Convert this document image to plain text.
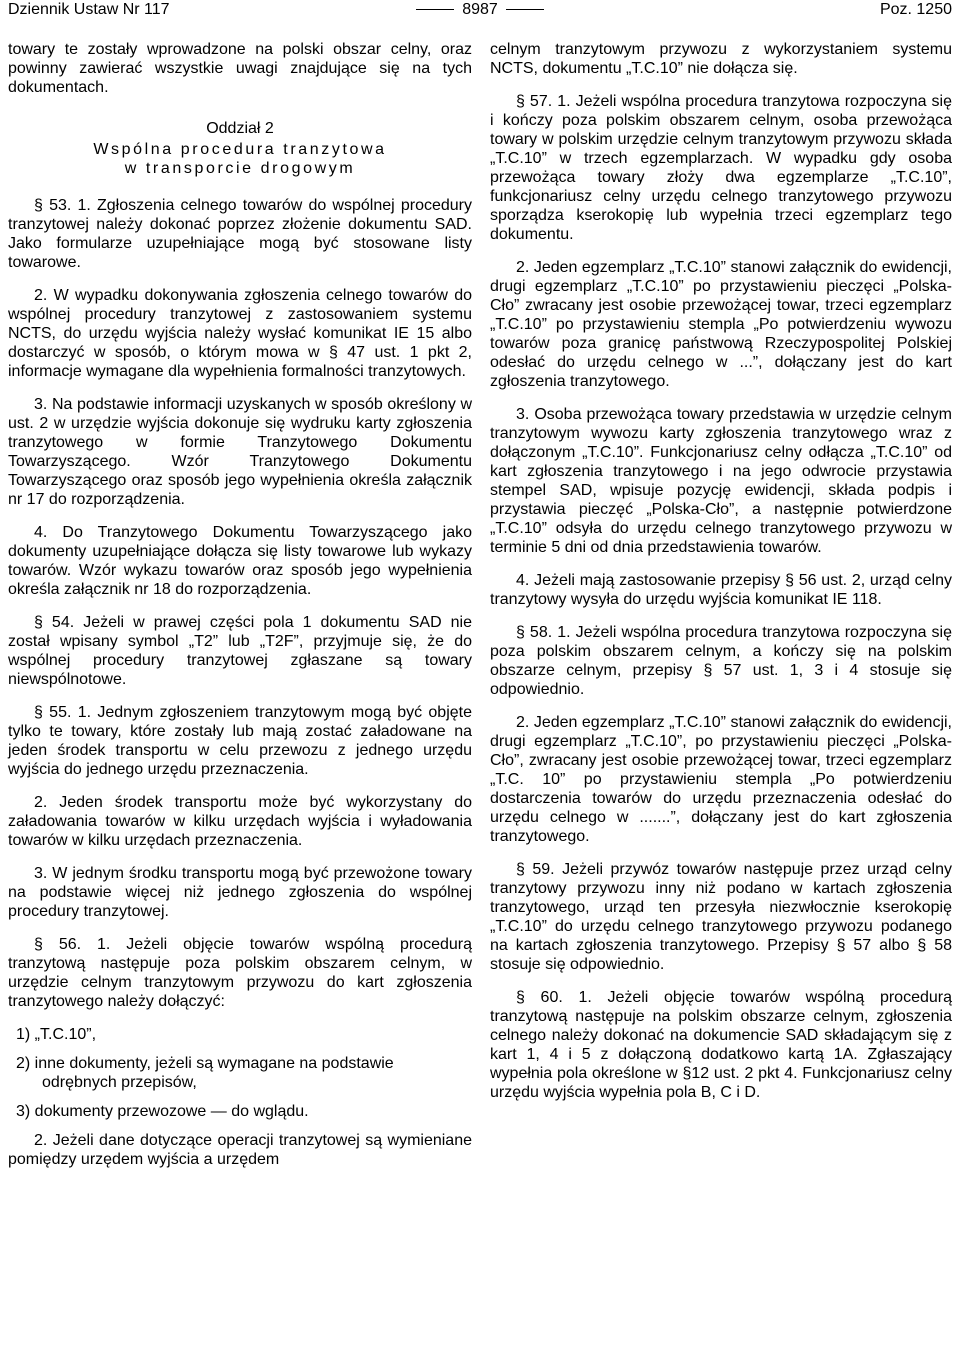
Dziennik Ustaw Nr 117	8987	Poz. 1250

towary te zostały wprowadzone na polski obszar celny, oraz powinny zawierać wszystkie uwagi znajdujące się na tych dokumentach.

Oddział 2

Wspólna procedura tranzytowa
w transporcie drogowym

§ 53. 1. Zgłoszenia celnego towarów do wspólnej procedury tranzytowej należy dokonać poprzez złożenie dokumentu SAD. Jako formularze uzupełniające mogą być stosowane listy towarowe.

2. W wypadku dokonywania zgłoszenia celnego towarów do wspólnej procedury tranzytowej z zastosowaniem systemu NCTS, do urzędu wyjścia należy wysłać komunikat IE 15 albo dostarczyć w sposób, o którym mowa w § 47 ust. 1 pkt 2, informacje wymagane dla wypełnienia formalności tranzytowych.

3. Na podstawie informacji uzyskanych w sposób określony w ust. 2 w urzędzie wyjścia dokonuje się wydruku karty zgłoszenia tranzytowego w formie Tranzytowego Dokumentu Towarzyszącego. Wzór Tranzytowego Dokumentu Towarzyszącego oraz sposób jego wypełnienia określa załącznik nr 17 do rozporządzenia.

4. Do Tranzytowego Dokumentu Towarzyszącego jako dokumenty uzupełniające dołącza się listy towarowe lub wykazy towarów. Wzór wykazu towarów oraz sposób jego wypełnienia określa załącznik nr 18 do rozporządzenia.

§ 54. Jeżeli w prawej części pola 1 dokumentu SAD nie został wpisany symbol „T2” lub „T2F”, przyjmuje się, że do wspólnej procedury tranzytowej zgłaszane są towary niewspólnotowe.

§ 55. 1. Jednym zgłoszeniem tranzytowym mogą być objęte tylko te towary, które zostały lub mają zostać załadowane na jeden środek transportu w celu przewozu z jednego urzędu wyjścia do jednego urzędu przeznaczenia.

2. Jeden środek transportu może być wykorzystany do załadowania towarów w kilku urzędach wyjścia i wyładowania towarów w kilku urzędach przeznaczenia.

3. W jednym środku transportu mogą być przewożone towary na podstawie więcej niż jednego zgłoszenia do wspólnej procedury tranzytowej.

§ 56. 1. Jeżeli objęcie towarów wspólną procedurą tranzytową następuje poza polskim obszarem celnym, w urzędzie celnym tranzytowym przywozu do kart zgłoszenia tranzytowego należy dołączyć:

1) „T.C.10”,

2) inne dokumenty, jeżeli są wymagane na podstawie odrębnych przepisów,

3) dokumenty przewozowe — do wglądu.

2. Jeżeli dane dotyczące operacji tranzytowej są wymieniane pomiędzy urzędem wyjścia a urzędem

celnym tranzytowym przywozu z wykorzystaniem systemu NCTS, dokumentu „T.C.10” nie dołącza się.

§ 57. 1. Jeżeli wspólna procedura tranzytowa rozpoczyna się i kończy poza polskim obszarem celnym, osoba przewożąca towary w polskim urzędzie celnym tranzytowym przywozu składa „T.C.10” w trzech egzemplarzach. W wypadku gdy osoba przewożąca towary złoży dwa egzemplarze „T.C.10”, funkcjonariusz celny urzędu celnego tranzytowego przywozu sporządza kserokopię lub wypełnia trzeci egzemplarz tego dokumentu.

2. Jeden egzemplarz „T.C.10” stanowi załącznik do ewidencji, drugi egzemplarz „T.C.10” po przystawieniu pieczęci „Polska-Cło” zwracany jest osobie przewożącej towar, trzeci egzemplarz „T.C.10” po przystawieniu stempla „Po potwierdzeniu wywozu towarów poza granicę państwową Rzeczypospolitej Polskiej odesłać do urzędu celnego w ...”, dołączany jest do kart zgłoszenia tranzytowego.

3. Osoba przewożąca towary przedstawia w urzędzie celnym tranzytowym wywozu karty zgłoszenia tranzytowego wraz z dołączonym „T.C.10”. Funkcjonariusz celny odłącza „T.C.10” od kart zgłoszenia tranzytowego i na jego odwrocie przystawia stempel SAD, wpisuje pozycję ewidencji, składa podpis i przystawia pieczęć „Polska-Cło”, a następnie potwierdzone „T.C.10” odsyła do urzędu celnego tranzytowego przywozu w terminie 5 dni od dnia przedstawienia towarów.

4. Jeżeli mają zastosowanie przepisy § 56 ust. 2, urząd celny tranzytowy wysyła do urzędu wyjścia komunikat IE 118.

§ 58. 1. Jeżeli wspólna procedura tranzytowa rozpoczyna się poza polskim obszarem celnym, a kończy się na polskim obszarze celnym, przepisy § 57 ust. 1, 3 i 4 stosuje się odpowiednio.

2. Jeden egzemplarz „T.C.10” stanowi załącznik do ewidencji, drugi egzemplarz „T.C.10”, po przystawieniu pieczęci „Polska-Cło”, zwracany jest osobie przewożącej towar, trzeci egzemplarz „T.C. 10” po przystawieniu stempla „Po potwierdzeniu dostarczenia towarów do urzędu przeznaczenia odesłać do urzędu celnego w .......”, dołączany jest do kart zgłoszenia tranzytowego.

§ 59. Jeżeli przywóz towarów następuje przez urząd celny tranzytowy przywozu inny niż podano w kartach zgłoszenia tranzytowego, urząd ten przesyła niezwłocznie kserokopię „T.C.10” do urzędu celnego tranzytowego przywozu podanego na kartach zgłoszenia tranzytowego. Przepisy § 57 albo § 58 stosuje się odpowiednio.

§ 60. 1. Jeżeli objęcie towarów wspólną procedurą tranzytową następuje na polskim obszarze celnym, zgłoszenia celnego należy dokonać na dokumencie SAD składającym się z kart 1, 4 i 5 z dołączoną dodatkowo kartą 1A. Zgłaszający wypełnia pola określone w §12 ust. 2 pkt 4. Funkcjonariusz celny urzędu wyjścia wypełnia pola B, C i D.
